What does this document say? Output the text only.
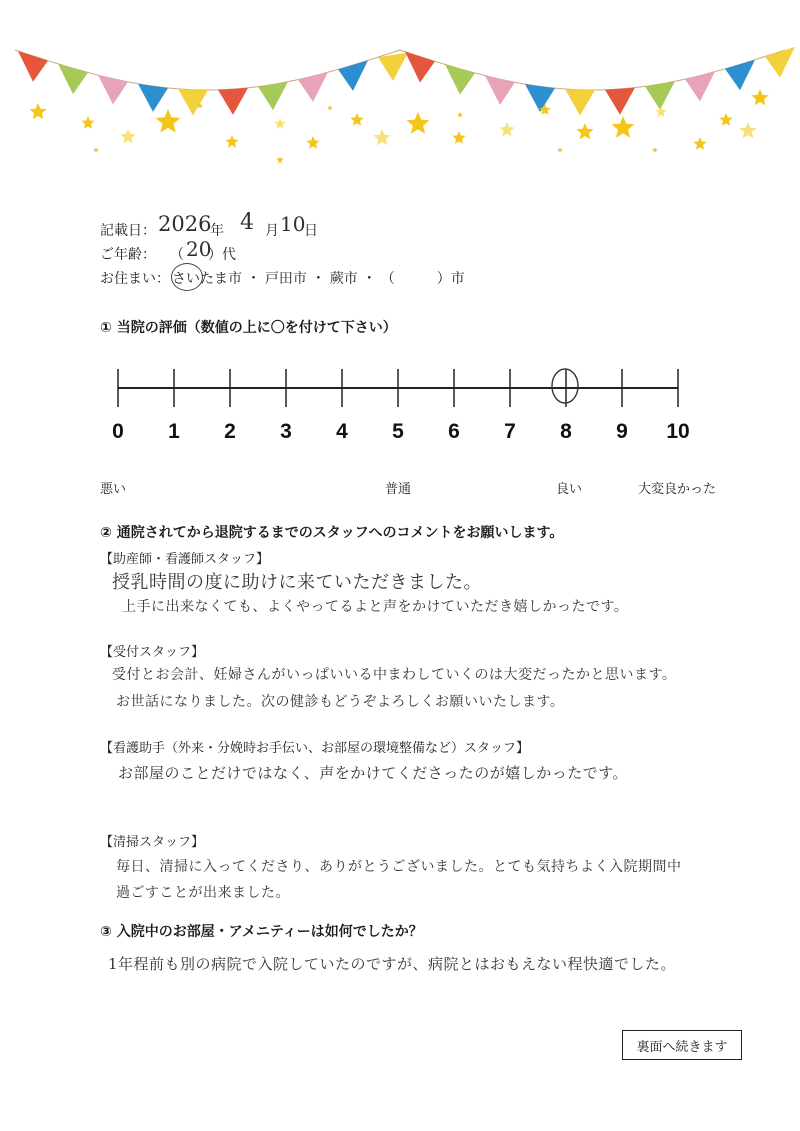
記載日： 2026
年 4 月 10
日
ご年齢： （ 20
）代
お住まい： さいたま市 ・ 戸田市 ・ 蕨市 ・ （　　　）市
① 当院の評価（数値の上に〇を付けて下さい）
0 1 2 3 4 5 6 7 8 9 10
悪い	普通	良い	大変良かった
② 通院されてから退院するまでのスタッフへのコメントをお願いします。
【助産師・看護師スタッフ】
授乳時間の度に助けに来ていただきました。
上手に出来なくても、よくやってるよと声をかけていただき嬉しかったです。
【受付スタッフ】
受付とお会計、妊婦さんがいっぱいいる中まわしていくのは大変だったかと思います。
お世話になりました。次の健診もどうぞよろしくお願いいたします。
【看護助手（外来・分娩時お手伝い、お部屋の環境整備など）スタッフ】
お部屋のことだけではなく、声をかけてくださったのが嬉しかったです。
【清掃スタッフ】
毎日、清掃に入ってくださり、ありがとうございました。とても気持ちよく入院期間中
過ごすことが出来ました。
③ 入院中のお部屋・アメニティーは如何でしたか？
1年程前も別の病院で入院していたのですが、病院とはおもえない程快適でした。
裏面へ続きます
